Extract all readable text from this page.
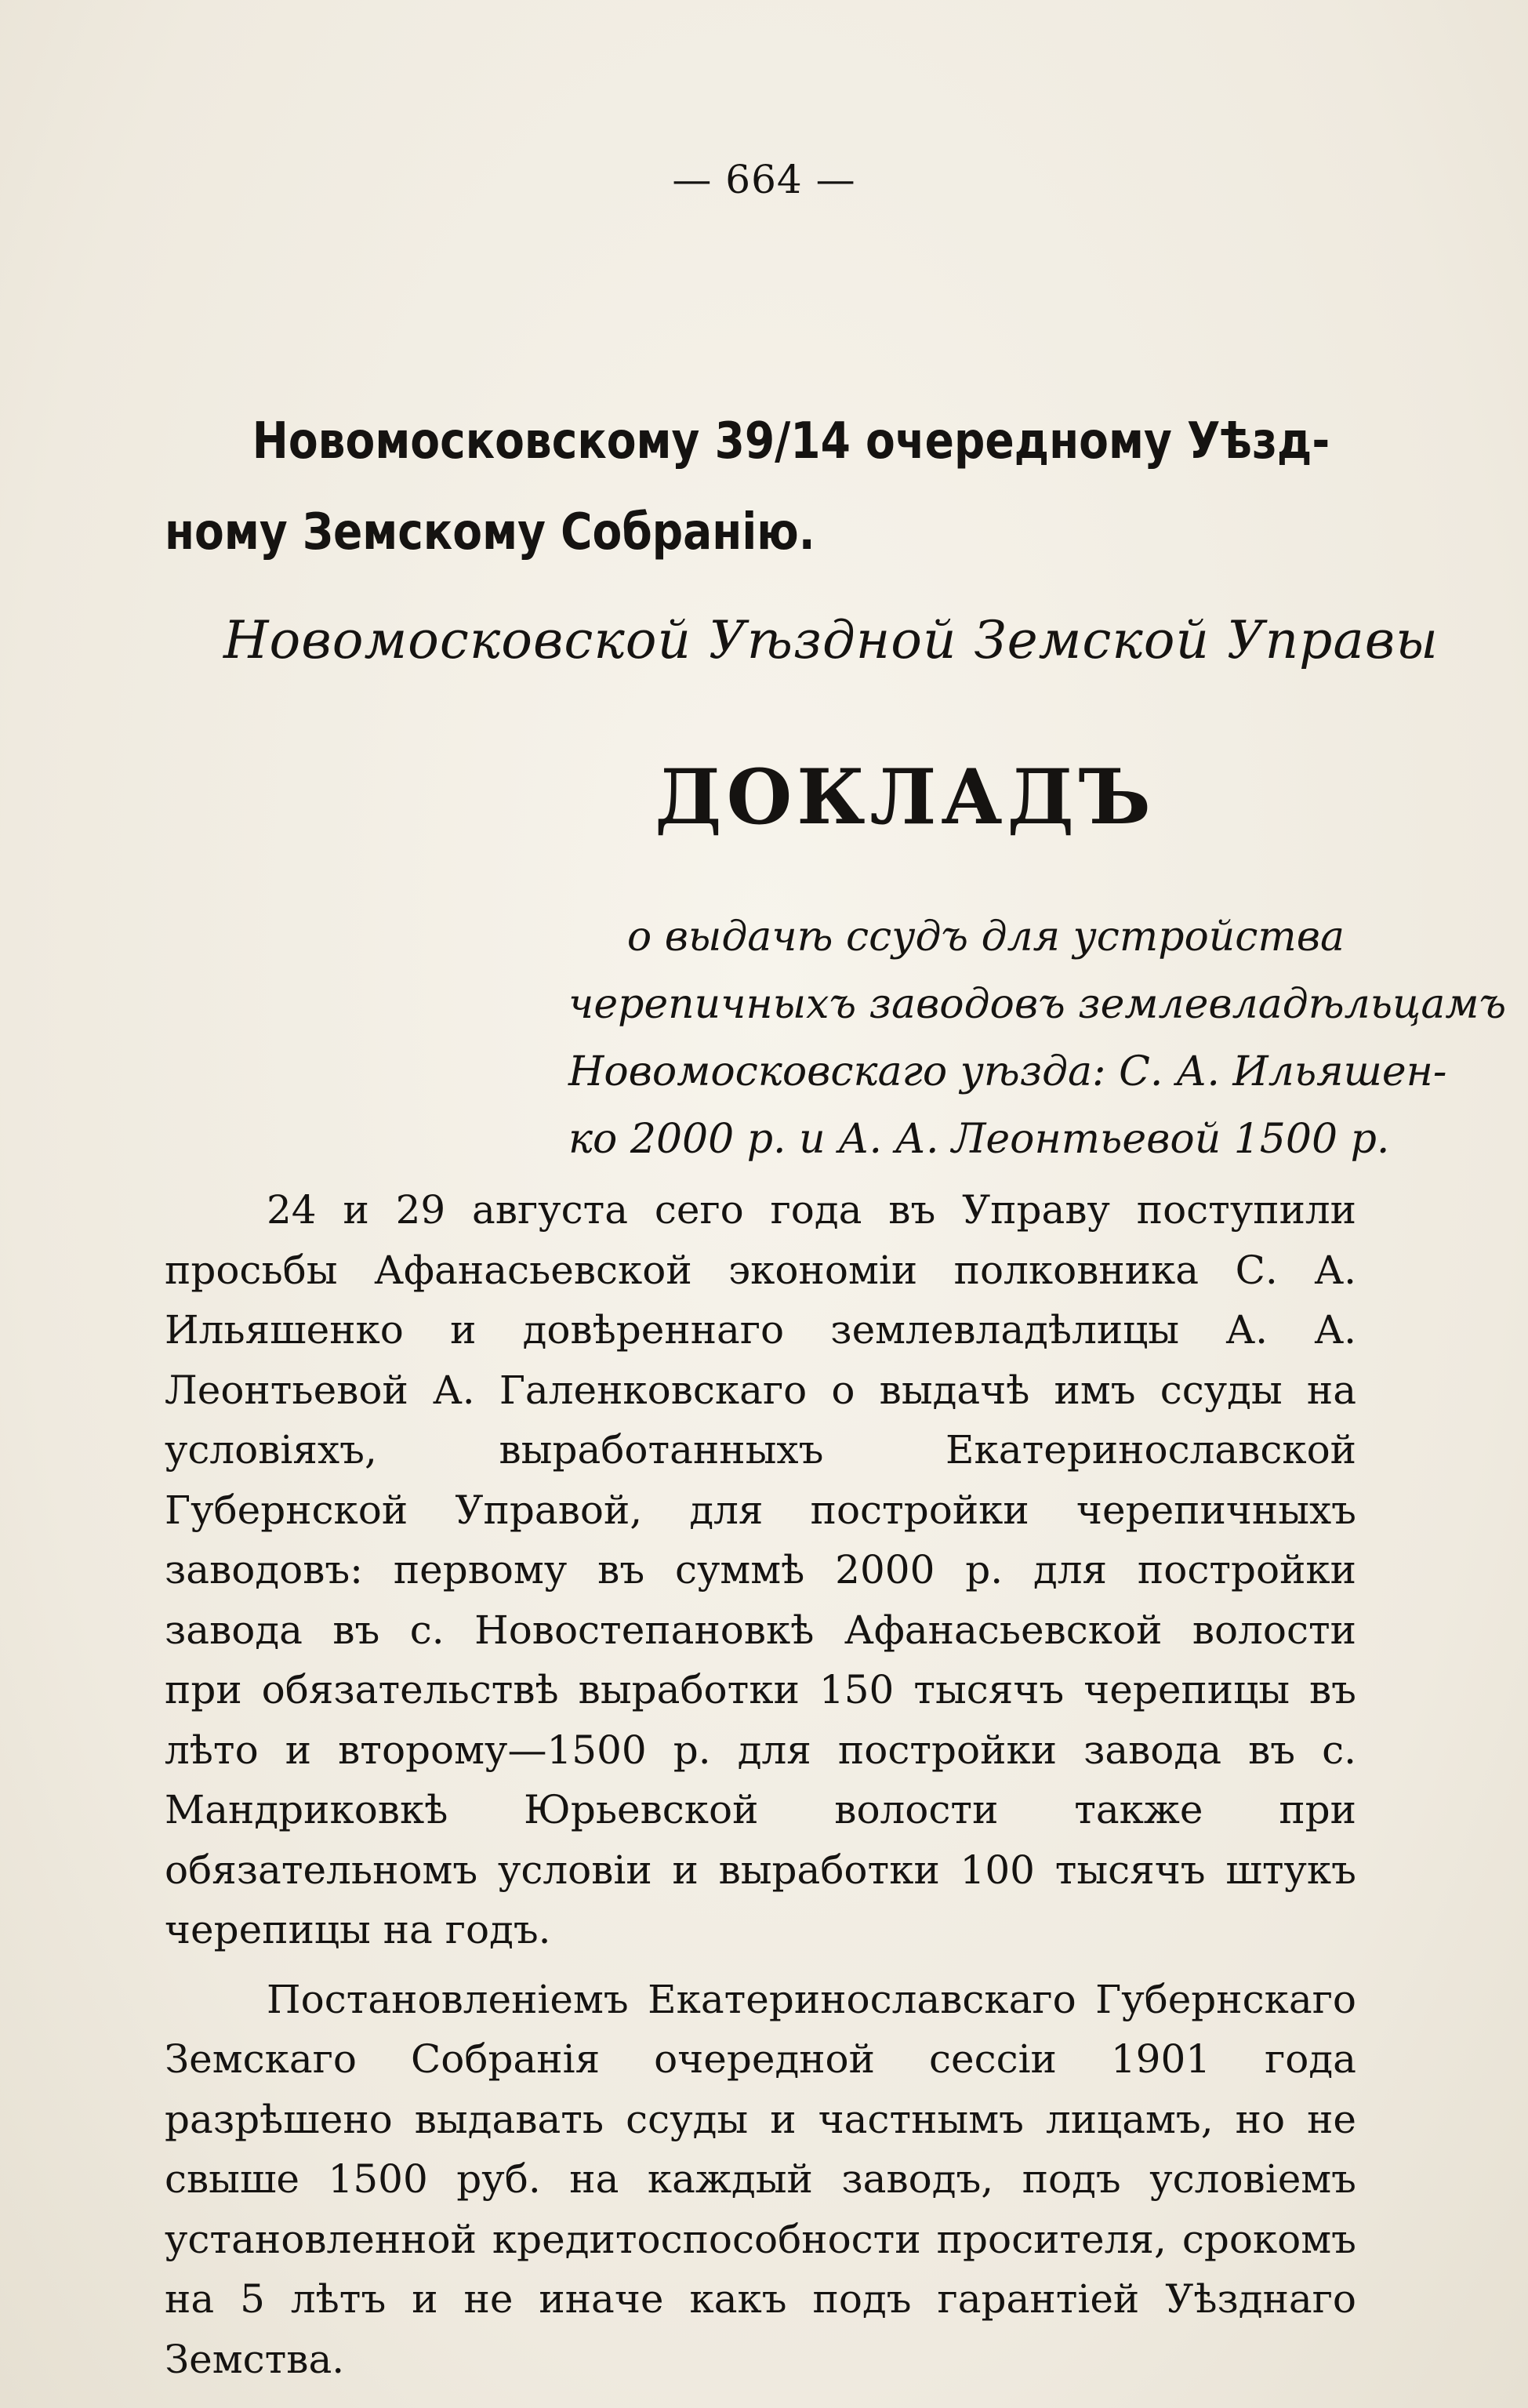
— 664 —
Новомосковскому 39/14 очередному Уѣзд-
ному Земскому Собранію.
Новомосковской Уѣздной Земской Управы
ДОКЛАДЪ
о выдачѣ ссудъ для устройства
черепичныхъ заводовъ землевладѣльцамъ
Новомосковскаго уѣзда: С. А. Ильяшен-
ко 2000 р. и А. А. Леонтьевой 1500 р.

24 и 29 августа сего года въ Управу поступили просьбы Афанасьевской экономіи полковника С. А. Ильяшенко и довѣреннаго землевладѣлицы А. А. Леонтьевой А. Галенковскаго о выдачѣ имъ ссуды на условіяхъ, выработанныхъ Екатеринославской Губернской Управой, для постройки черепичныхъ заводовъ: первому въ суммѣ 2000 р. для постройки завода въ с. Новостепановкѣ Афанасьевской волости при обязательствѣ выработки 150 тысячъ черепицы въ лѣто и второму—1500 р. для постройки завода въ с. Мандриковкѣ Юрьевской волости также при обязательномъ условіи и выработки 100 тысячъ штукъ черепицы на годъ.

Постановленіемъ Екатеринославскаго Губернскаго Земскаго Собранія очередной сессіи 1901 года разрѣшено выдавать ссуды и частнымъ лицамъ, но не свыше 1500 руб. на каждый заводъ, подъ условіемъ установленной кредитоспособности просителя, срокомъ на 5 лѣтъ и не иначе какъ подъ гарантіей Уѣзднаго Земства.
